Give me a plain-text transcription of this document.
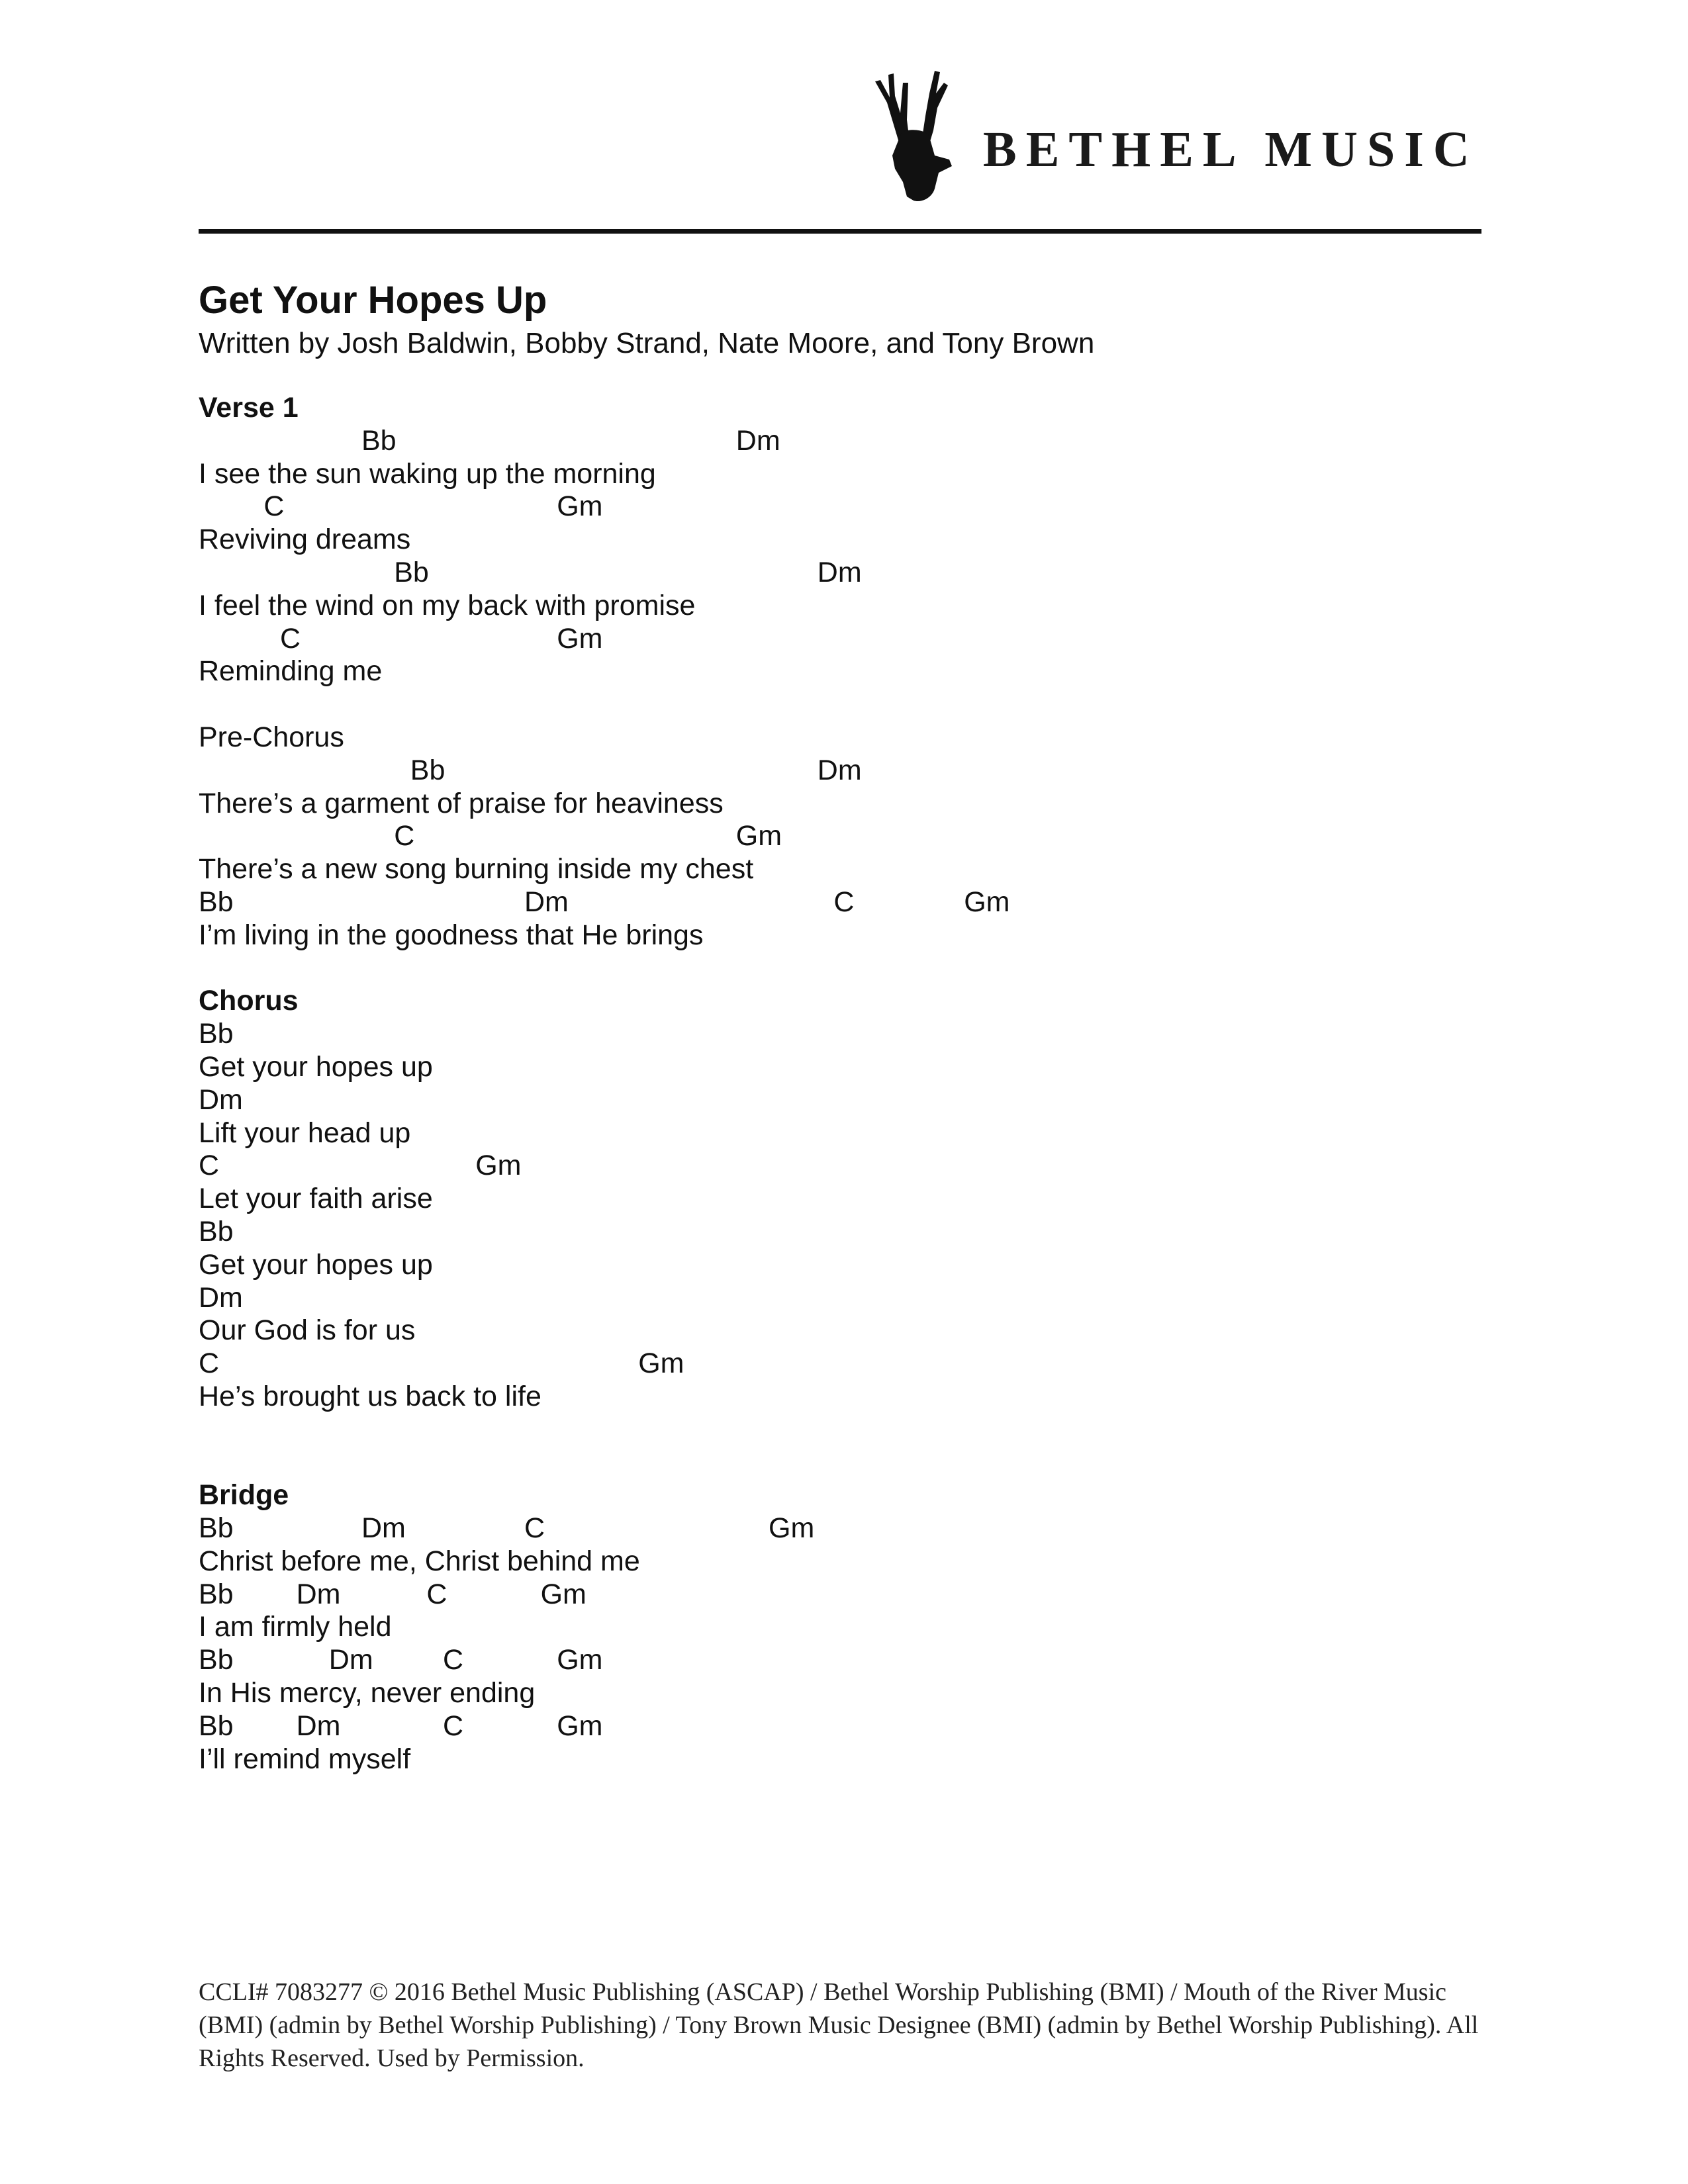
BETHEL MUSIC
Get Your Hopes Up
Written by Josh Baldwin, Bobby Strand, Nate Moore, and Tony Brown
Verse 1
Bb	Dm
I see the sun waking up the morning
C	Gm
Reviving dreams
Bb	Dm
I feel the wind on my back with promise
C	Gm
Reminding me
Pre-Chorus
Bb	Dm
There’s a garment of praise for heaviness
C	Gm
There’s a new song burning inside my chest
Bb	Dm	C	Gm
I’m living in the goodness that He brings
Chorus
Bb
Get your hopes up
Dm
Lift your head up
C	Gm
Let your faith arise
Bb
Get your hopes up
Dm
Our God is for us
C	Gm
He’s brought us back to life
Bridge
Bb	Dm	C	Gm
Christ before me, Christ behind me
Bb Dm	C	Gm
I am firmly held
Bb	Dm C	Gm
In His mercy, never ending
Bb Dm	C	Gm
I’ll remind myself
CCLI# 7083277 © 2016 Bethel Music Publishing (ASCAP) / Bethel Worship Publishing (BMI) / Mouth of the River Music (BMI) (admin by Bethel Worship Publishing) / Tony Brown Music Designee (BMI) (admin by Bethel Worship Publishing). All Rights Reserved. Used by Permission.
